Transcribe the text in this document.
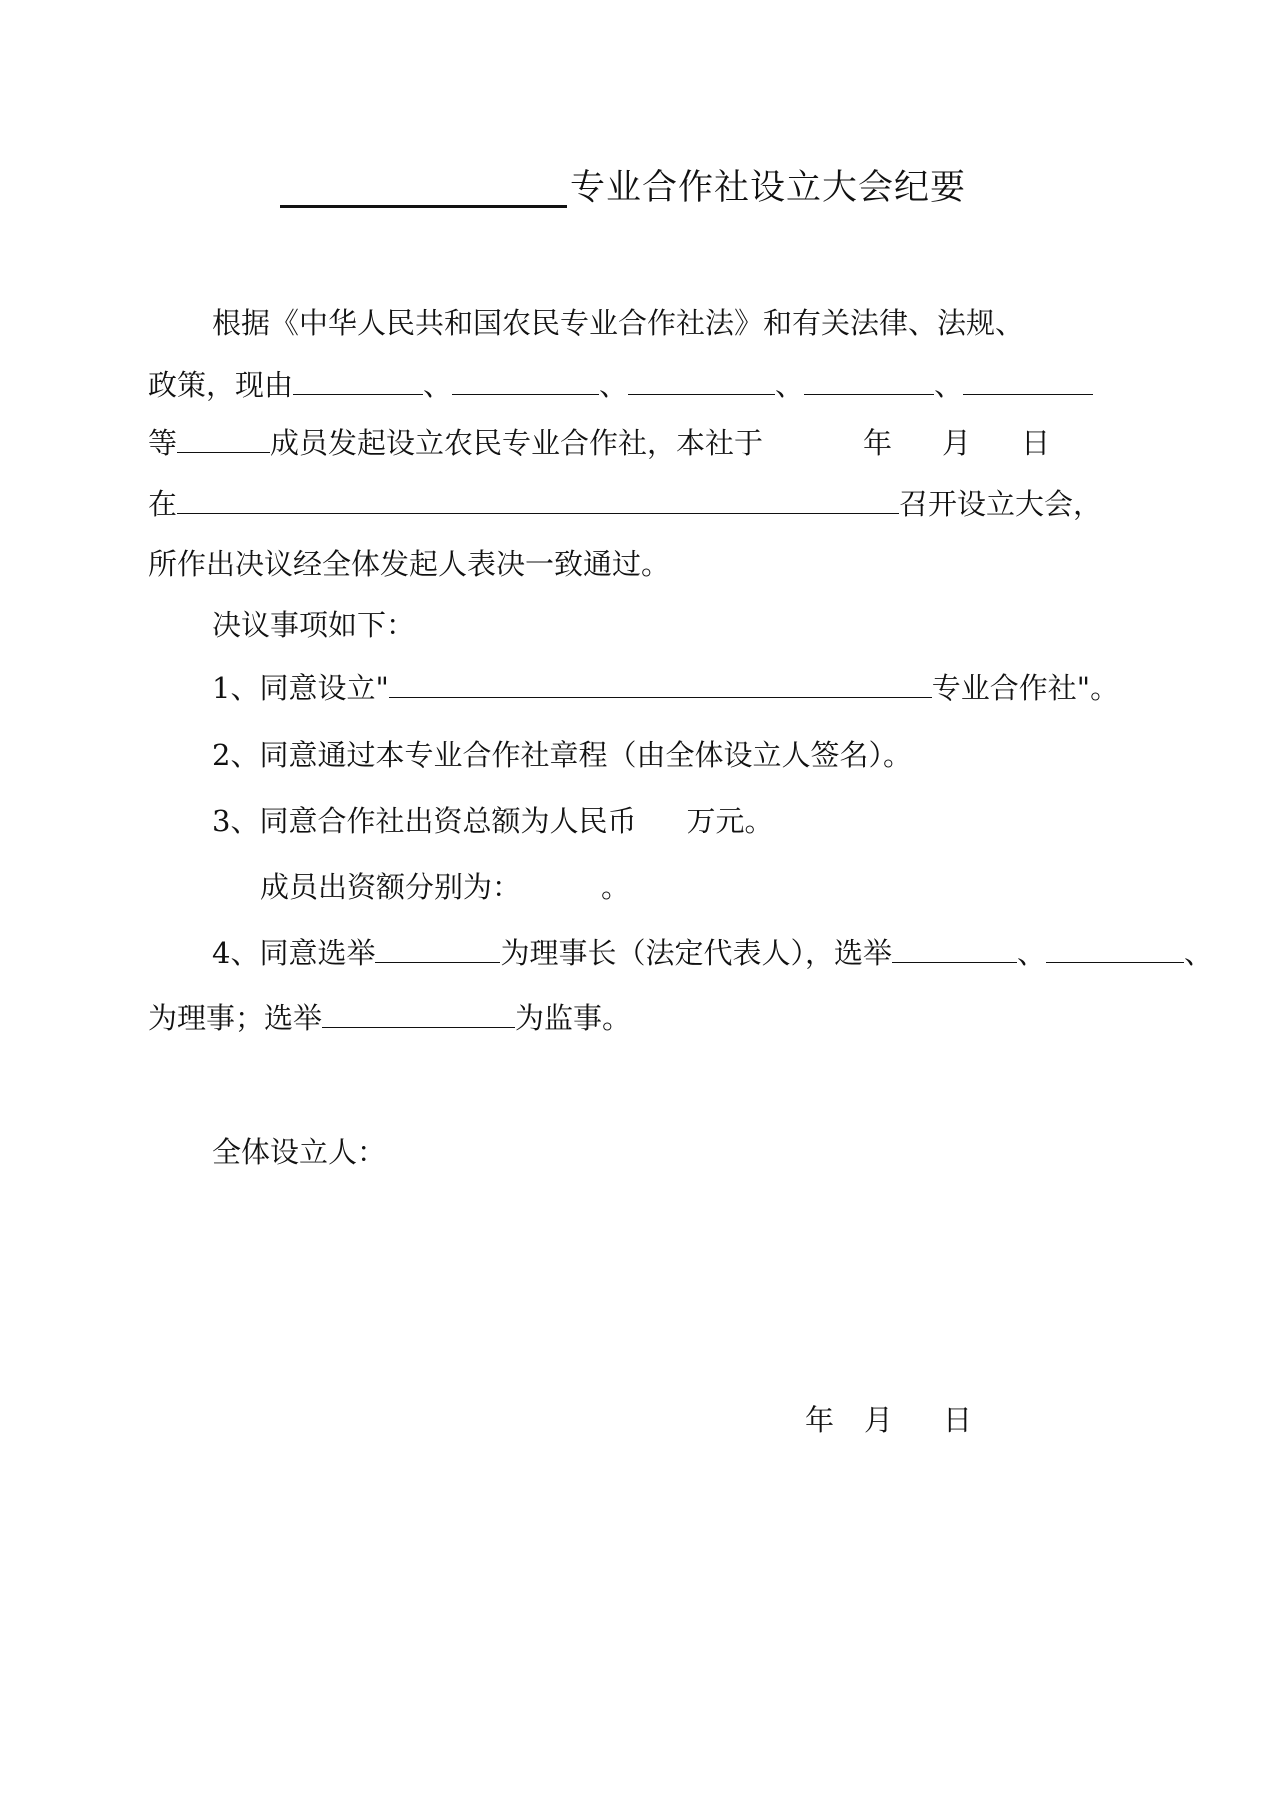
专业合作社设立大会纪要
根据《中华人民共和国农民专业合作社法》和有关法律、法规、
政策，现由	、	、	、	、
等	成员发起设立农民专业合作社，本社于	年 月 日
在	召开设立大会，
所作出决议经全体发起人表决一致通过。
决议事项如下：
1、同意设立"	专业合作社"。
2、同意通过本专业合作社章程（由全体设立人签名）。
3、同意合作社出资总额为人民币 万元。
成员出资额分别为：	。
4、同意选举	为理事长（法定代表人），选举	、	、
为理事；选举	为监事。
全体设立人：
年 月 日
